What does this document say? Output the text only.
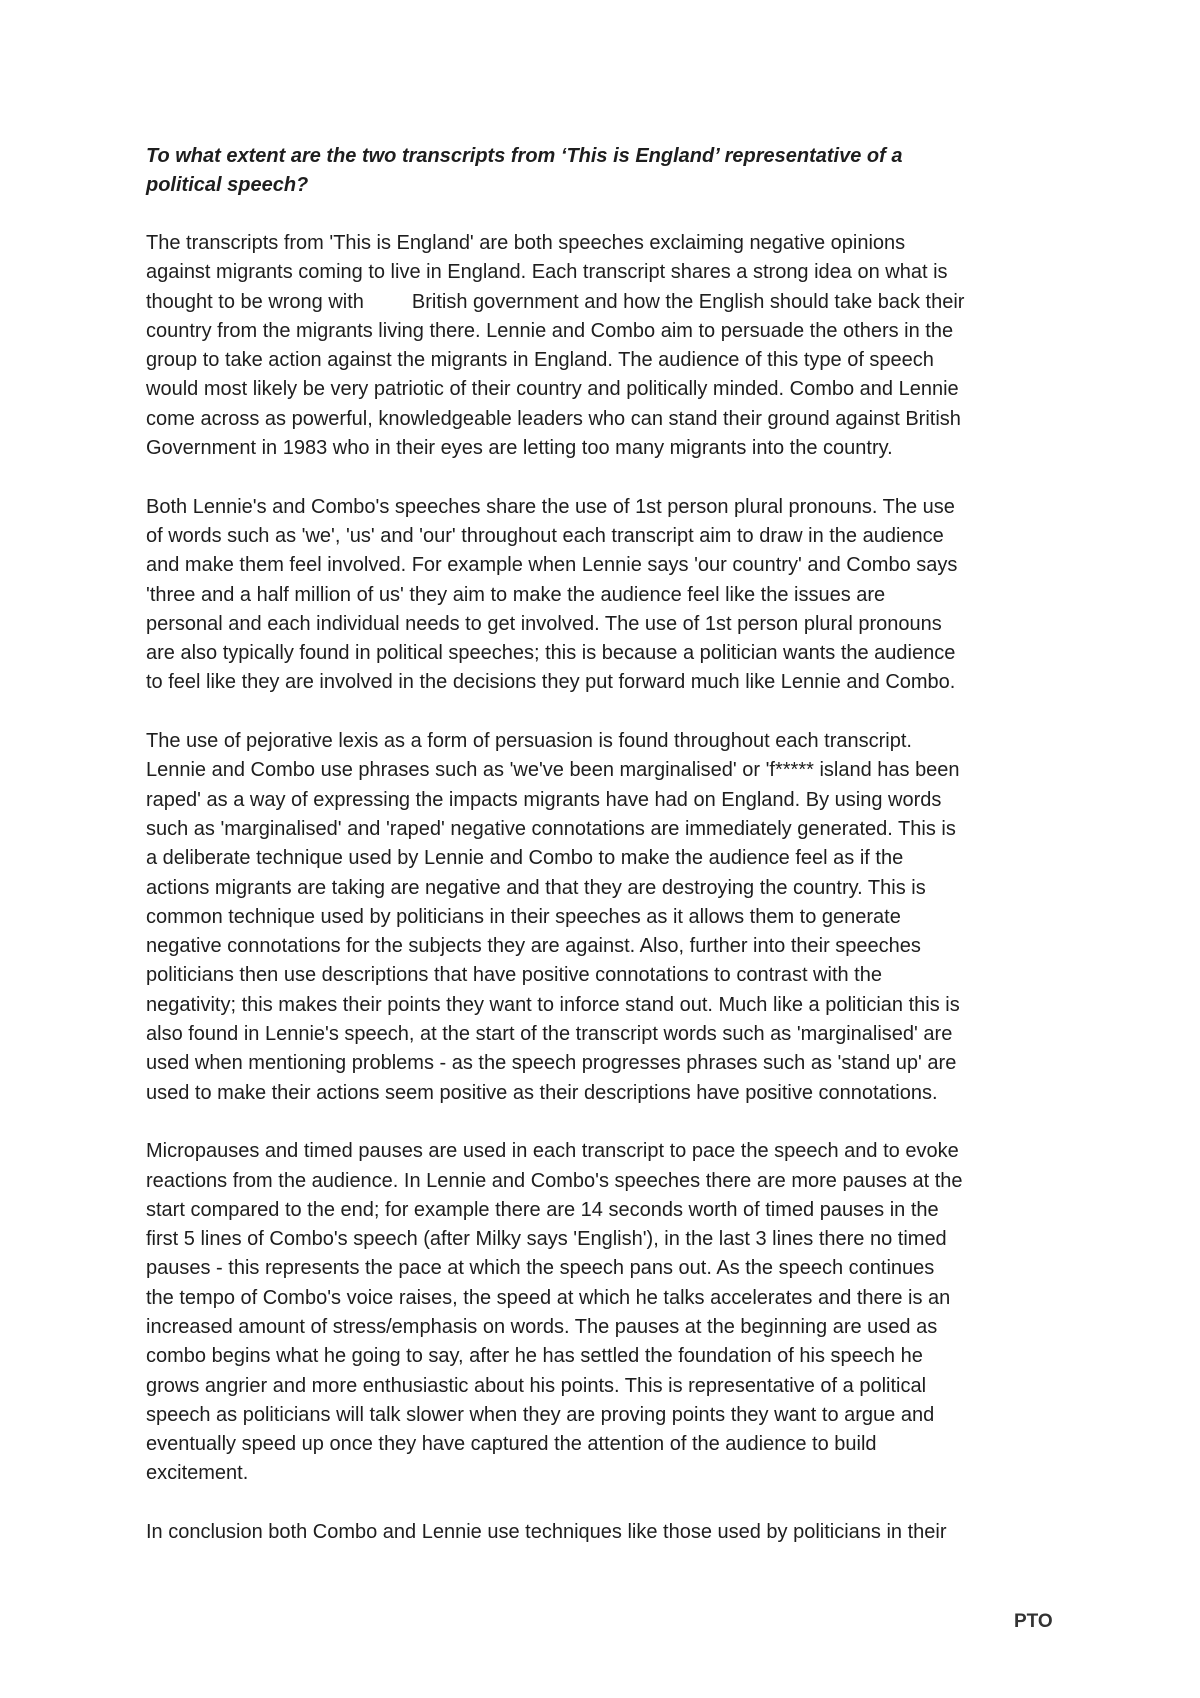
To what extent are the two transcripts from ‘This is England’ representative of a
political speech?
The transcripts from 'This is England' are both speeches exclaiming negative opinions
against migrants coming to live in England. Each transcript shares a strong idea on what is
thought to be wrong with British government and how the English should take back their
country from the migrants living there. Lennie and Combo aim to persuade the others in the
group to take action against the migrants in England. The audience of this type of speech
would most likely be very patriotic of their country and politically minded. Combo and Lennie
come across as powerful, knowledgeable leaders who can stand their ground against British
Government in 1983 who in their eyes are letting too many migrants into the country.
Both Lennie's and Combo's speeches share the use of 1st person plural pronouns. The use
of words such as 'we', 'us' and 'our' throughout each transcript aim to draw in the audience
and make them feel involved. For example when Lennie says 'our country' and Combo says
'three and a half million of us' they aim to make the audience feel like the issues are
personal and each individual needs to get involved. The use of 1st person plural pronouns
are also typically found in political speeches; this is because a politician wants the audience
to feel like they are involved in the decisions they put forward much like Lennie and Combo.
The use of pejorative lexis as a form of persuasion is found throughout each transcript.
Lennie and Combo use phrases such as 'we've been marginalised' or 'f***** island has been
raped' as a way of expressing the impacts migrants have had on England. By using words
such as 'marginalised' and 'raped' negative connotations are immediately generated. This is
a deliberate technique used by Lennie and Combo to make the audience feel as if the
actions migrants are taking are negative and that they are destroying the country. This is
common technique used by politicians in their speeches as it allows them to generate
negative connotations for the subjects they are against. Also, further into their speeches
politicians then use descriptions that have positive connotations to contrast with the
negativity; this makes their points they want to inforce stand out. Much like a politician this is
also found in Lennie's speech, at the start of the transcript words such as 'marginalised' are
used when mentioning problems - as the speech progresses phrases such as 'stand up' are
used to make their actions seem positive as their descriptions have positive connotations.
Micropauses and timed pauses are used in each transcript to pace the speech and to evoke
reactions from the audience. In Lennie and Combo's speeches there are more pauses at the
start compared to the end; for example there are 14 seconds worth of timed pauses in the
first 5 lines of Combo's speech (after Milky says 'English'), in the last 3 lines there no timed
pauses - this represents the pace at which the speech pans out. As the speech continues
the tempo of Combo's voice raises, the speed at which he talks accelerates and there is an
increased amount of stress/emphasis on words. The pauses at the beginning are used as
combo begins what he going to say, after he has settled the foundation of his speech he
grows angrier and more enthusiastic about his points. This is representative of a political
speech as politicians will talk slower when they are proving points they want to argue and
eventually speed up once they have captured the attention of the audience to build
excitement.
In conclusion both Combo and Lennie use techniques like those used by politicians in their
PTO
